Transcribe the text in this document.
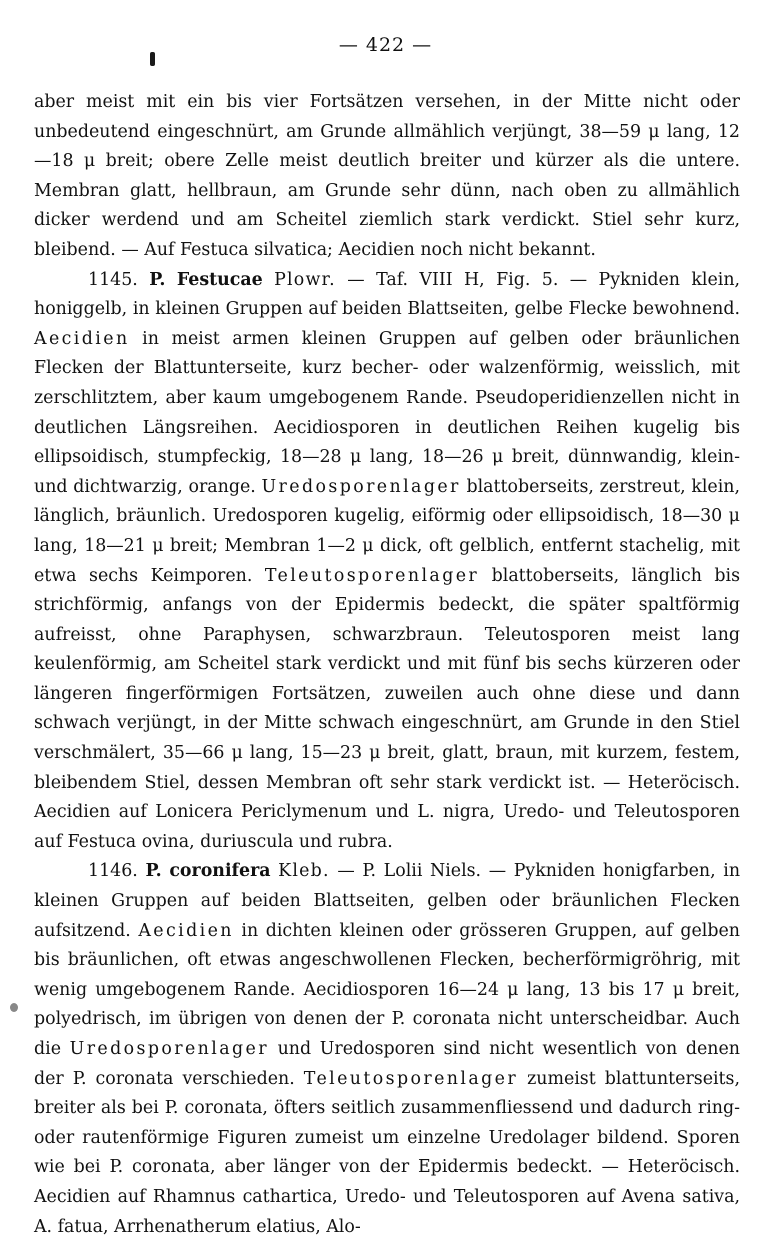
— 422 —

aber meist mit ein bis vier Fortsätzen versehen, in der Mitte nicht oder unbedeutend eingeschnürt, am Grunde allmählich verjüngt, 38—59 μ lang, 12—18 μ breit; obere Zelle meist deutlich breiter und kürzer als die untere. Membran glatt, hellbraun, am Grunde sehr dünn, nach oben zu allmählich dicker werdend und am Scheitel ziemlich stark verdickt. Stiel sehr kurz, bleibend. — Auf Festuca silvatica; Aecidien noch nicht bekannt.

1145. P. Festucae Plowr. — Taf. VIII H, Fig. 5. — Pykniden klein, honiggelb, in kleinen Gruppen auf beiden Blattseiten, gelbe Flecke bewohnend. Aecidien in meist armen kleinen Gruppen auf gelben oder bräunlichen Flecken der Blattunterseite, kurz becher- oder walzenförmig, weisslich, mit zerschlitztem, aber kaum umgebogenem Rande. Pseudoperidienzellen nicht in deutlichen Längsreihen. Aecidiosporen in deutlichen Reihen kugelig bis ellipsoidisch, stumpfeckig, 18—28 μ lang, 18—26 μ breit, dünnwandig, klein- und dichtwarzig, orange. Uredosporenlager blattoberseits, zerstreut, klein, länglich, bräunlich. Uredosporen kugelig, eiförmig oder ellipsoidisch, 18—30 μ lang, 18—21 μ breit; Membran 1—2 μ dick, oft gelblich, entfernt stachelig, mit etwa sechs Keimporen. Teleutosporenlager blattoberseits, länglich bis strichförmig, anfangs von der Epidermis bedeckt, die später spaltförmig aufreisst, ohne Paraphysen, schwarzbraun. Teleutosporen meist lang keulenförmig, am Scheitel stark verdickt und mit fünf bis sechs kürzeren oder längeren fingerförmigen Fortsätzen, zuweilen auch ohne diese und dann schwach verjüngt, in der Mitte schwach eingeschnürt, am Grunde in den Stiel verschmälert, 35—66 μ lang, 15—23 μ breit, glatt, braun, mit kurzem, festem, bleibendem Stiel, dessen Membran oft sehr stark verdickt ist. — Heteröcisch. Aecidien auf Lonicera Periclymenum und L. nigra, Uredo- und Teleutosporen auf Festuca ovina, duriuscula und rubra.

1146. P. coronifera Kleb. — P. Lolii Niels. — Pykniden honigfarben, in kleinen Gruppen auf beiden Blattseiten, gelben oder bräunlichen Flecken aufsitzend. Aecidien in dichten kleinen oder grösseren Gruppen, auf gelben bis bräunlichen, oft etwas angeschwollenen Flecken, becherförmigröhrig, mit wenig umgebogenem Rande. Aecidiosporen 16—24 μ lang, 13 bis 17 μ breit, polyedrisch, im übrigen von denen der P. coronata nicht unterscheidbar. Auch die Uredosporenlager und Uredosporen sind nicht wesentlich von denen der P. coronata verschieden. Teleutosporenlager zumeist blattunterseits, breiter als bei P. coronata, öfters seitlich zusammenfliessend und dadurch ring- oder rautenförmige Figuren zumeist um einzelne Uredolager bildend. Sporen wie bei P. coronata, aber länger von der Epidermis bedeckt. — Heteröcisch. Aecidien auf Rhamnus cathartica, Uredo- und Teleutosporen auf Avena sativa, A. fatua, Arrhenatherum elatius, Alo-
